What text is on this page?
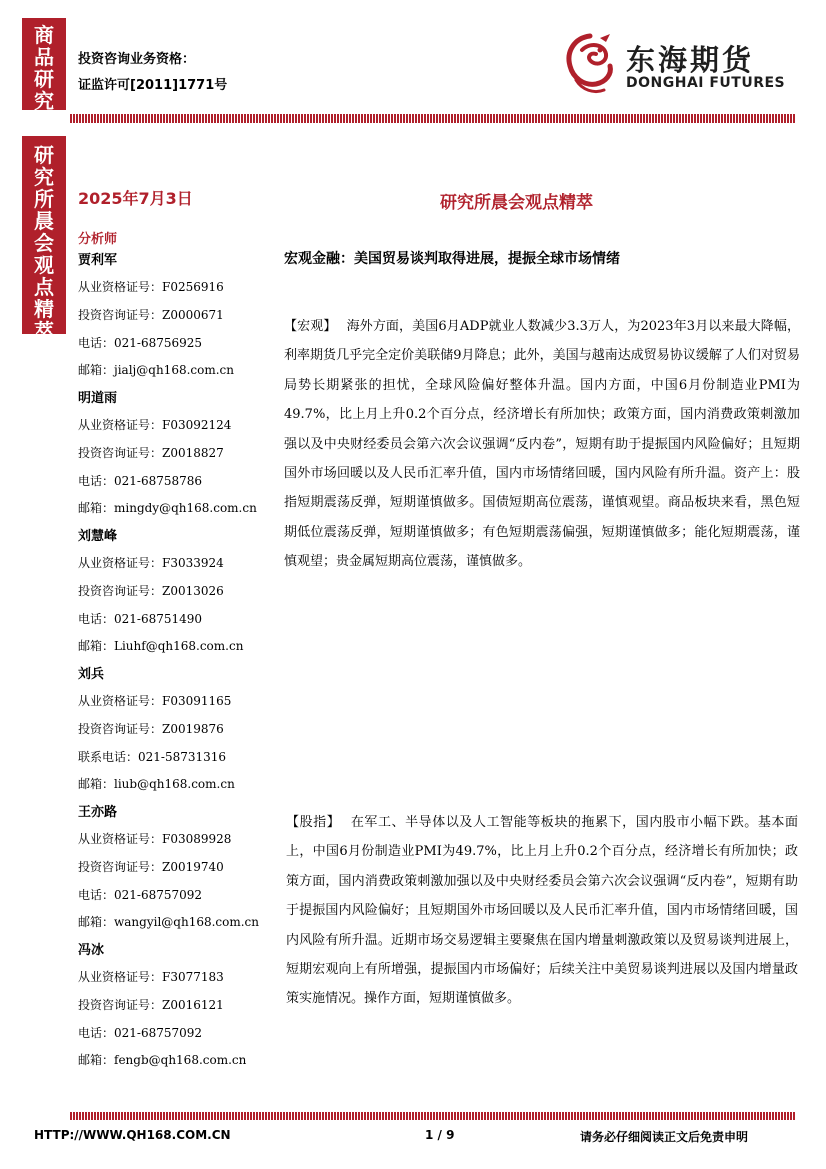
商品研究
研究所晨会观点精萃
投资咨询业务资格：
证监许可[2011]1771号
东海期货
DONGHAI FUTURES
2025年7月3日	研究所晨会观点精萃
分析师
贾利军
从业资格证号：F0256916
投资咨询证号：Z0000671
电话：021-68756925
邮箱：jialj@qh168.com.cn
明道雨
从业资格证号：F03092124
投资咨询证号：Z0018827
电话：021-68758786
邮箱：mingdy@qh168.com.cn
刘慧峰
从业资格证号：F3033924
投资咨询证号：Z0013026
电话：021-68751490
邮箱：Liuhf@qh168.com.cn
刘兵
从业资格证号：F03091165
投资咨询证号：Z0019876
联系电话：021-58731316
邮箱：liub@qh168.com.cn
王亦路
从业资格证号：F03089928
投资咨询证号：Z0019740
电话：021-68757092
邮箱：wangyil@qh168.com.cn
冯冰
从业资格证号：F3077183
投资咨询证号：Z0016121
电话：021-68757092
邮箱：fengb@qh168.com.cn
宏观金融：美国贸易谈判取得进展，提振全球市场情绪
【宏观】 海外方面，美国6月ADP就业人数减少3.3万人，为2023年3月以来最大降幅，利率期货几乎完全定价美联储9月降息；此外，美国与越南达成贸易协议缓解了人们对贸易局势长期紧张的担忧，全球风险偏好整体升温。国内方面，中国6月份制造业PMI为49.7%，比上月上升0.2个百分点，经济增长有所加快；政策方面，国内消费政策刺激加强以及中央财经委员会第六次会议强调“反内卷”，短期有助于提振国内风险偏好；且短期国外市场回暖以及人民币汇率升值，国内市场情绪回暖，国内风险有所升温。资产上：股指短期震荡反弹，短期谨慎做多。国债短期高位震荡，谨慎观望。商品板块来看，黑色短期低位震荡反弹，短期谨慎做多；有色短期震荡偏强，短期谨慎做多；能化短期震荡，谨慎观望；贵金属短期高位震荡，谨慎做多。
【股指】 在军工、半导体以及人工智能等板块的拖累下，国内股市小幅下跌。基本面上，中国6月份制造业PMI为49.7%，比上月上升0.2个百分点，经济增长有所加快；政策方面，国内消费政策刺激加强以及中央财经委员会第六次会议强调“反内卷”，短期有助于提振国内风险偏好；且短期国外市场回暖以及人民币汇率升值，国内市场情绪回暖，国内风险有所升温。近期市场交易逻辑主要聚焦在国内增量刺激政策以及贸易谈判进展上，短期宏观向上有所增强，提振国内市场偏好；后续关注中美贸易谈判进展以及国内增量政策实施情况。操作方面，短期谨慎做多。
HTTP://WWW.QH168.COM.CN	1 / 9	请务必仔细阅读正文后免责申明
